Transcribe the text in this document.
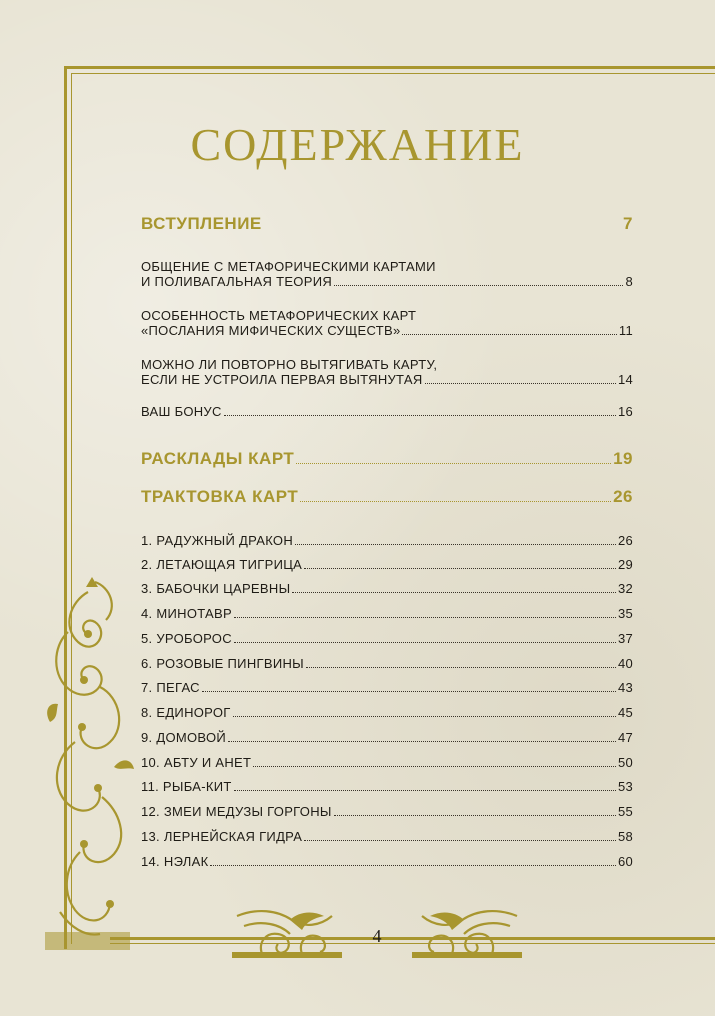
СОДЕРЖАНИЕ
ВСТУПЛЕНИЕ	7
ОБЩЕНИЕ С МЕТАФОРИЧЕСКИМИ КАРТАМИ
И ПОЛИВАГАЛЬНАЯ ТЕОРИЯ	8
ОСОБЕННОСТЬ МЕТАФОРИЧЕСКИХ КАРТ
«ПОСЛАНИЯ МИФИЧЕСКИХ СУЩЕСТВ»	11
МОЖНО ЛИ ПОВТОРНО ВЫТЯГИВАТЬ КАРТУ,
ЕСЛИ НЕ УСТРОИЛА ПЕРВАЯ ВЫТЯНУТАЯ	14
ВАШ БОНУС	16
РАСКЛАДЫ КАРТ	19
ТРАКТОВКА КАРТ	26
1. РАДУЖНЫЙ ДРАКОН	26
2. ЛЕТАЮЩАЯ ТИГРИЦА	29
3. БАБОЧКИ ЦАРЕВНЫ	32
4. МИНОТАВР	35
5. УРОБОРОС	37
6. РОЗОВЫЕ ПИНГВИНЫ	40
7. ПЕГАС	43
8. ЕДИНОРОГ	45
9. ДОМОВОЙ	47
10. АБТУ И АНЕТ	50
11. РЫБА-КИТ	53
12. ЗМЕИ МЕДУЗЫ ГОРГОНЫ	55
13. ЛЕРНЕЙСКАЯ ГИДРА	58
14. НЭЛАК	60
4
